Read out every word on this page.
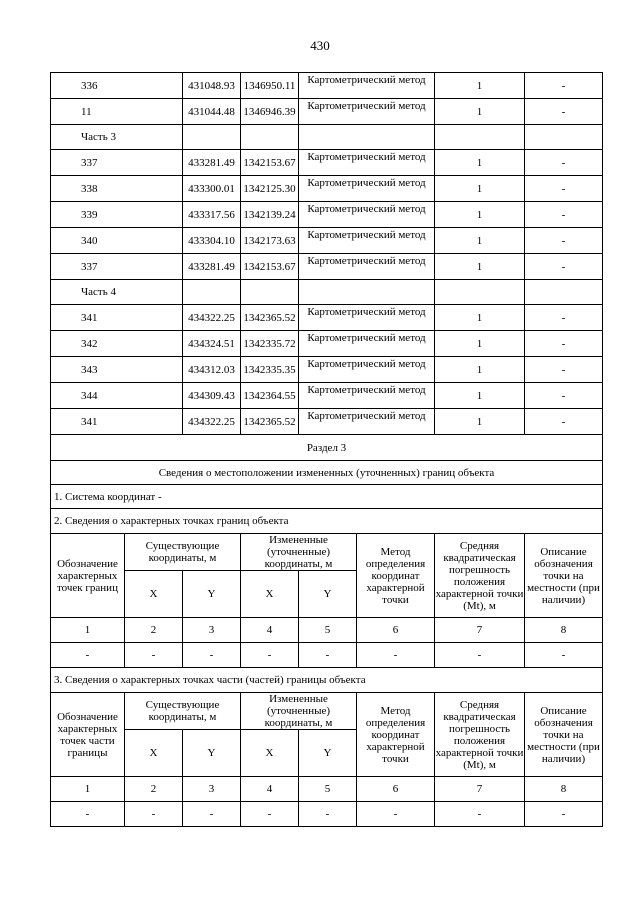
430
336		431048.93	1346950.11	Картометрический метод		1	-
11		431044.48	1346946.39	Картометрический метод		1	-
Часть 3							
337		433281.49	1342153.67	Картометрический метод		1	-
338		433300.01	1342125.30	Картометрический метод		1	-
339		433317.56	1342139.24	Картометрический метод		1	-
340		433304.10	1342173.63	Картометрический метод		1	-
337		433281.49	1342153.67	Картометрический метод		1	-
Часть 4							
341		434322.25	1342365.52	Картометрический метод		1	-
342		434324.51	1342335.72	Картометрический метод		1	-
343		434312.03	1342335.35	Картометрический метод		1	-
344		434309.43	1342364.55	Картометрический метод		1	-
341		434322.25	1342365.52	Картометрический метод		1	-
Раздел 3							
Сведения о местоположении измененных (уточненных) границ объекта							
1. Система координат -							
2. Сведения о характерных точках границ объекта							
Обозначение характерных точек границ	Существующие координаты, м		Измененные (уточненные) координаты, м		Метод определения координат характерной точки	Средняя квадратическая погрешность положения характерной точки (Mt), м	Описание обозначения точки на местности (при наличии)
	X	Y	X	Y			
1	2	3	4	5	6	7	8
-	-	-	-	-	-	-	-
3. Сведения о характерных точках части (частей) границы объекта							
Обозначение характерных точек части границы	Существующие координаты, м		Измененные (уточненные) координаты, м		Метод определения координат характерной точки	Средняя квадратическая погрешность положения характерной точки (Mt), м	Описание обозначения точки на местности (при наличии)
	X	Y	X	Y			
1	2	3	4	5	6	7	8
-	-	-	-	-	-	-	-
